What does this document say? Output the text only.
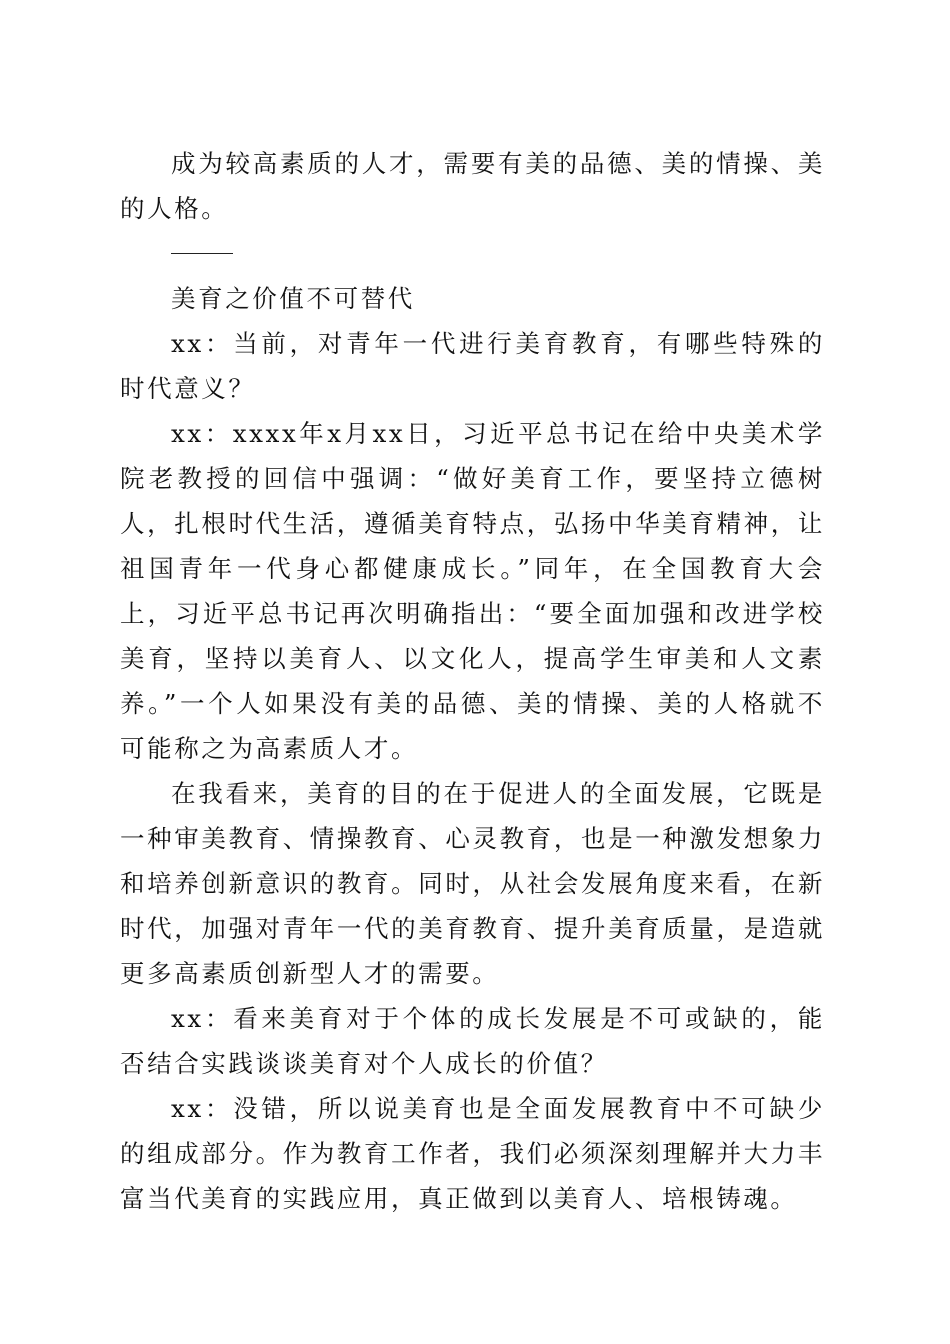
成为较高素质的人才，需要有美的品德、美的情操、美的人格。

美育之价值不可替代

xx：当前，对青年一代进行美育教育，有哪些特殊的时代意义？

xx：xxxx年x月xx日，习近平总书记在给中央美术学院老教授的回信中强调：“做好美育工作，要坚持立德树人，扎根时代生活，遵循美育特点，弘扬中华美育精神，让祖国青年一代身心都健康成长。”同年，在全国教育大会上，习近平总书记再次明确指出：“要全面加强和改进学校美育，坚持以美育人、以文化人，提高学生审美和人文素养。”一个人如果没有美的品德、美的情操、美的人格就不可能称之为高素质人才。

在我看来，美育的目的在于促进人的全面发展，它既是一种审美教育、情操教育、心灵教育，也是一种激发想象力和培养创新意识的教育。同时，从社会发展角度来看，在新时代，加强对青年一代的美育教育、提升美育质量，是造就更多高素质创新型人才的需要。

xx：看来美育对于个体的成长发展是不可或缺的，能否结合实践谈谈美育对个人成长的价值？

xx：没错，所以说美育也是全面发展教育中不可缺少的组成部分。作为教育工作者，我们必须深刻理解并大力丰富当代美育的实践应用，真正做到以美育人、培根铸魂。
